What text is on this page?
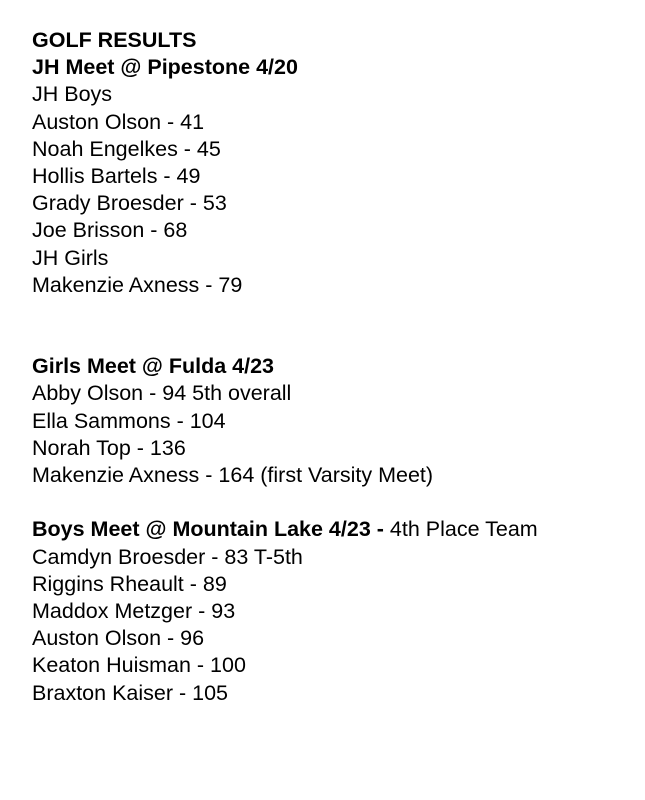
GOLF RESULTS
JH Meet @ Pipestone 4/20
JH Boys
Auston Olson - 41
Noah Engelkes - 45
Hollis Bartels - 49
Grady Broesder - 53
Joe Brisson - 68
JH Girls
Makenzie Axness - 79
Girls Meet @ Fulda 4/23
Abby Olson - 94 5th overall
Ella Sammons - 104
Norah Top - 136
Makenzie Axness - 164 (first Varsity Meet)
Boys Meet @ Mountain Lake 4/23 - 4th Place Team
Camdyn Broesder - 83 T-5th
Riggins Rheault - 89
Maddox Metzger - 93
Auston Olson - 96
Keaton Huisman - 100
Braxton Kaiser - 105
